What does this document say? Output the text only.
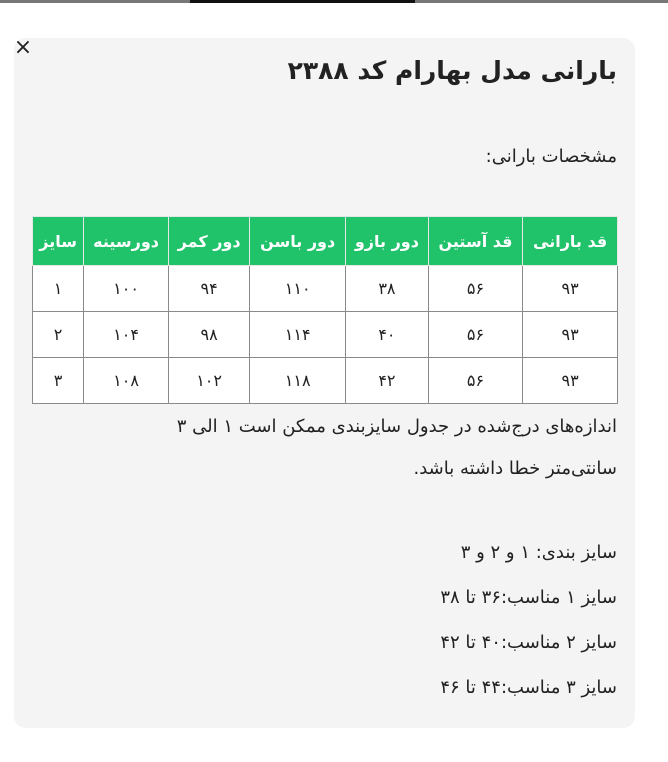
×
بارانی مدل بهارام کد ۲۳۸۸
مشخصات بارانی:
قد بارانی	قد آستین	دور بازو	دور باسن	دور کمر	دورسینه	سایز
۹۳	۵۶	۳۸	۱۱۰	۹۴	۱۰۰	۱
۹۳	۵۶	۴۰	۱۱۴	۹۸	۱۰۴	۲
۹۳	۵۶	۴۲	۱۱۸	۱۰۲	۱۰۸	۳
اندازه‌های درج‌شده در جدول سایزبندی ممکن است ۱ الی ۳
سانتی‌متر خطا داشته باشد.
سایز بندی: ۱ و ۲ و ۳
سایز ۱ مناسب:۳۶ تا ۳۸
سایز ۲ مناسب:۴۰ تا ۴۲
سایز ۳ مناسب:۴۴ تا ۴۶
